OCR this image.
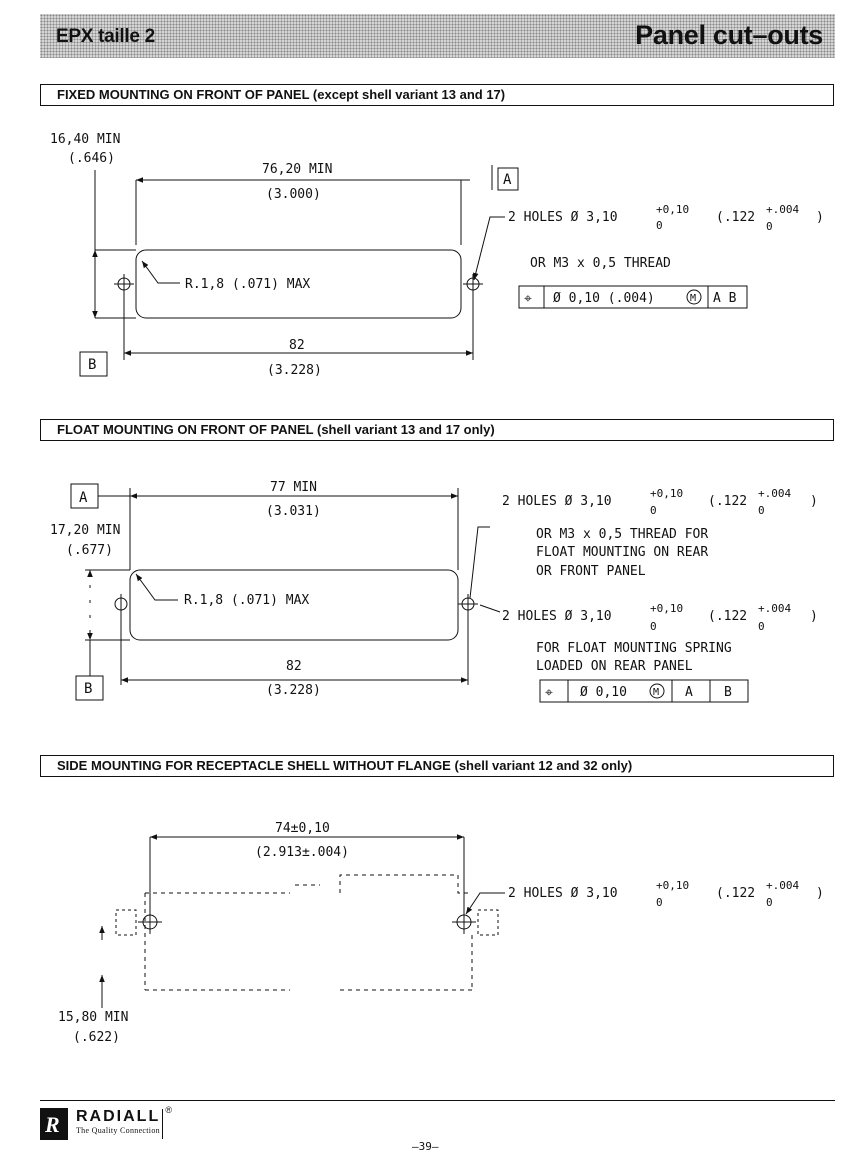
EPX taille 2	Panel cut–outs
FIXED MOUNTING ON FRONT OF PANEL (except shell variant 13 and 17)
FLOAT MOUNTING ON FRONT OF PANEL (shell variant 13 and 17 only)
SIDE MOUNTING FOR RECEPTACLE SHELL WITHOUT FLANGE (shell variant 12 and 32 only)
16,40 MIN
(.646)
76,20 MIN
(3.000)
A
2 HOLES Ø 3,10
+0,10
0
(.122
+.004
0
)
OR M3 x 0,5 THREAD
⌖ Ø 0,10 (.004)	M A B
R.1,8 (.071) MAX
82
(3.228)
B
A
77 MIN
(3.031)
17,20 MIN
(.677)
R.1,8 (.071) MAX
2 HOLES Ø 3,10
+0,10
0
(.122
+.004
0
)
OR M3 x 0,5 THREAD FOR
FLOAT MOUNTING ON REAR
OR FRONT PANEL
2 HOLES Ø 3,10
+0,10
0
(.122
+.004
0
)
FOR FLOAT MOUNTING SPRING
LOADED ON REAR PANEL
⌖ Ø 0,10	M A B
82
(3.228)
B
74±0,10
(2.913±.004)
2 HOLES Ø 3,10
+0,10
0
(.122
+.004
0
)
15,80 MIN
(.622)
R RADIALL
The Quality Connection
®
–39–
